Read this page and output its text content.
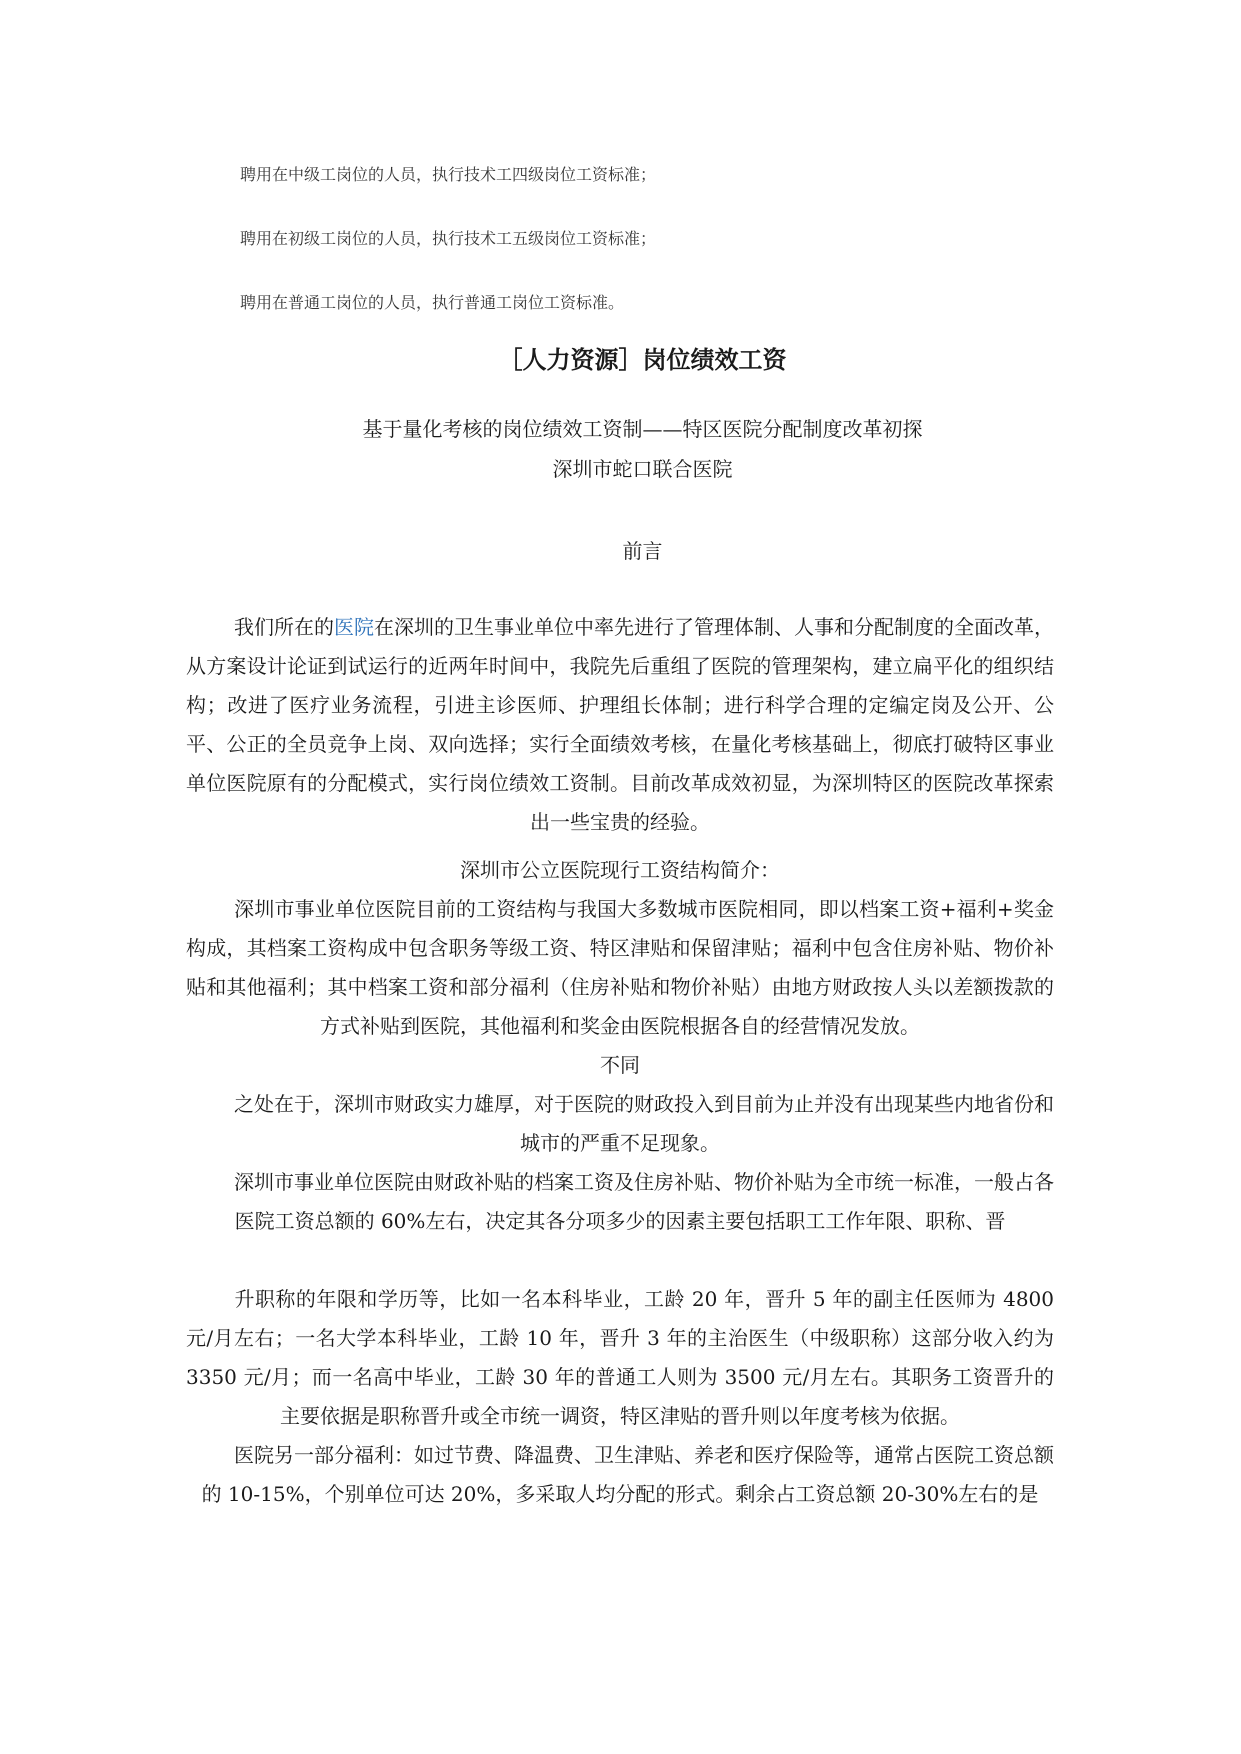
聘用在中级工岗位的人员，执行技术工四级岗位工资标准；
聘用在初级工岗位的人员，执行技术工五级岗位工资标准；
聘用在普通工岗位的人员，执行普通工岗位工资标准。
［人力资源］岗位绩效工资
基于量化考核的岗位绩效工资制——特区医院分配制度改革初探
深圳市蛇口联合医院
前言
我们所在的医院在深圳的卫生事业单位中率先进行了管理体制、人事和分配制度的全面改革，从方案设计论证到试运行的近两年时间中，我院先后重组了医院的管理架构，建立扁平化的组织结构；改进了医疗业务流程，引进主诊医师、护理组长体制；进行科学合理的定编定岗及公开、公平、公正的全员竞争上岗、双向选择；实行全面绩效考核，在量化考核基础上，彻底打破特区事业单位医院原有的分配模式，实行岗位绩效工资制。目前改革成效初显，为深圳特区的医院改革探索出一些宝贵的经验。
深圳市公立医院现行工资结构简介：
深圳市事业单位医院目前的工资结构与我国大多数城市医院相同，即以档案工资+福利+奖金构成，其档案工资构成中包含职务等级工资、特区津贴和保留津贴；福利中包含住房补贴、物价补贴和其他福利；其中档案工资和部分福利（住房补贴和物价补贴）由地方财政按人头以差额拨款的方式补贴到医院，其他福利和奖金由医院根据各自的经营情况发放。
不同
之处在于，深圳市财政实力雄厚，对于医院的财政投入到目前为止并没有出现某些内地省份和城市的严重不足现象。
深圳市事业单位医院由财政补贴的档案工资及住房补贴、物价补贴为全市统一标准，一般占各医院工资总额的 60%左右，决定其各分项多少的因素主要包括职工工作年限、职称、晋
升职称的年限和学历等，比如一名本科毕业，工龄 20 年，晋升 5 年的副主任医师为 4800 元/月左右；一名大学本科毕业，工龄 10 年，晋升 3 年的主治医生（中级职称）这部分收入约为 3350 元/月；而一名高中毕业，工龄 30 年的普通工人则为 3500 元/月左右。其职务工资晋升的主要依据是职称晋升或全市统一调资，特区津贴的晋升则以年度考核为依据。
医院另一部分福利：如过节费、降温费、卫生津贴、养老和医疗保险等，通常占医院工资总额的 10-15%，个别单位可达 20%，多采取人均分配的形式。剩余占工资总额 20-30%左右的是
